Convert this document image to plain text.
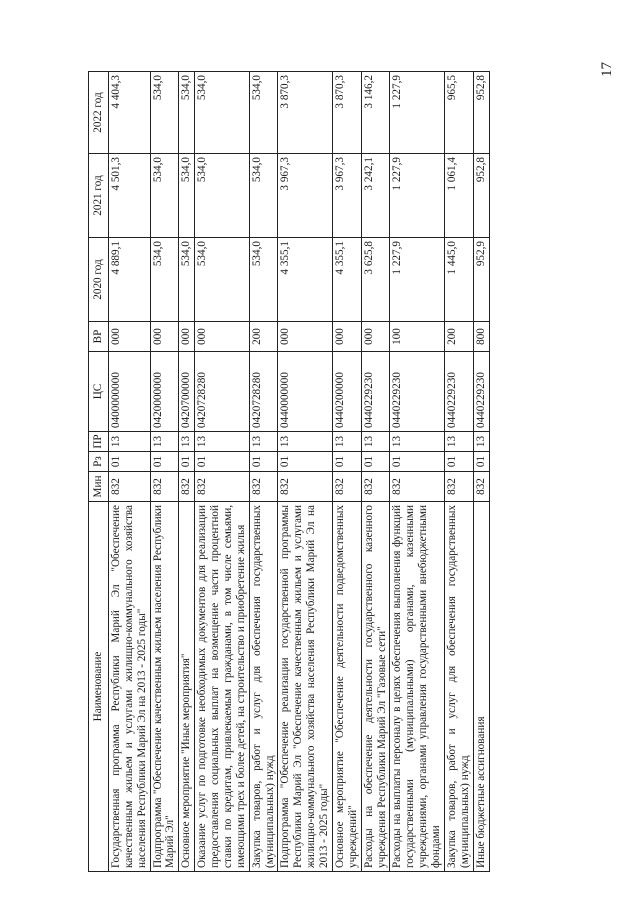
17
Наименование	Мин	Рз	ПР	ЦС	ВР	2020 год	2021 год	2022 год
Государственная программа Республики Марий Эл "Обеспечение качественным жильем и услугами жилищно-коммунального хозяйства населения Республики Марий Эл на 2013 - 2025 годы"	832	01	13	0400000000	000	4 889,1	4 501,3	4 404,3
Подпрограмма "Обеспечение качественным жильем населения Республики Марий Эл"	832	01	13	0420000000	000	534,0	534,0	534,0
Основное мероприятие "Иные мероприятия"	832	01	13	0420700000	000	534,0	534,0	534,0
Оказание услуг по подготовке необходимых документов для реализации предоставления социальных выплат на возмещение части процентной ставки по кредитам, привлекаемым гражданами, в том числе семьями, имеющими трех и более детей, на строительство и приобретение жилья	832	01	13	0420728280	000	534,0	534,0	534,0
Закупка товаров, работ и услуг для обеспечения государственных (муниципальных) нужд	832	01	13	0420728280	200	534,0	534,0	534,0
Подпрограмма "Обеспечение реализации государственной программы Республики Марий Эл "Обеспечение качественным жильем и услугами жилищно-коммунального хозяйства населения Республики Марий Эл на 2013 - 2025 годы"	832	01	13	0440000000	000	4 355,1	3 967,3	3 870,3
Основное мероприятие "Обеспечение деятельности подведомственных учреждений"	832	01	13	0440200000	000	4 355,1	3 967,3	3 870,3
Расходы на обеспечение деятельности государственного казенного учреждения Республики Марий Эл "Газовые сети"	832	01	13	0440229230	000	3 625,8	3 242,1	3 146,2
Расходы на выплаты персоналу в целях обеспечения выполнения функций государственными (муниципальными) органами, казенными учреждениями, органами управления государственными внебюджетными фондами	832	01	13	0440229230	100	1 227,9	1 227,9	1 227,9
Закупка товаров, работ и услуг для обеспечения государственных (муниципальных) нужд	832	01	13	0440229230	200	1 445,0	1 061,4	965,5
Иные бюджетные ассигнования	832	01	13	0440229230	800	952,9	952,8	952,8
